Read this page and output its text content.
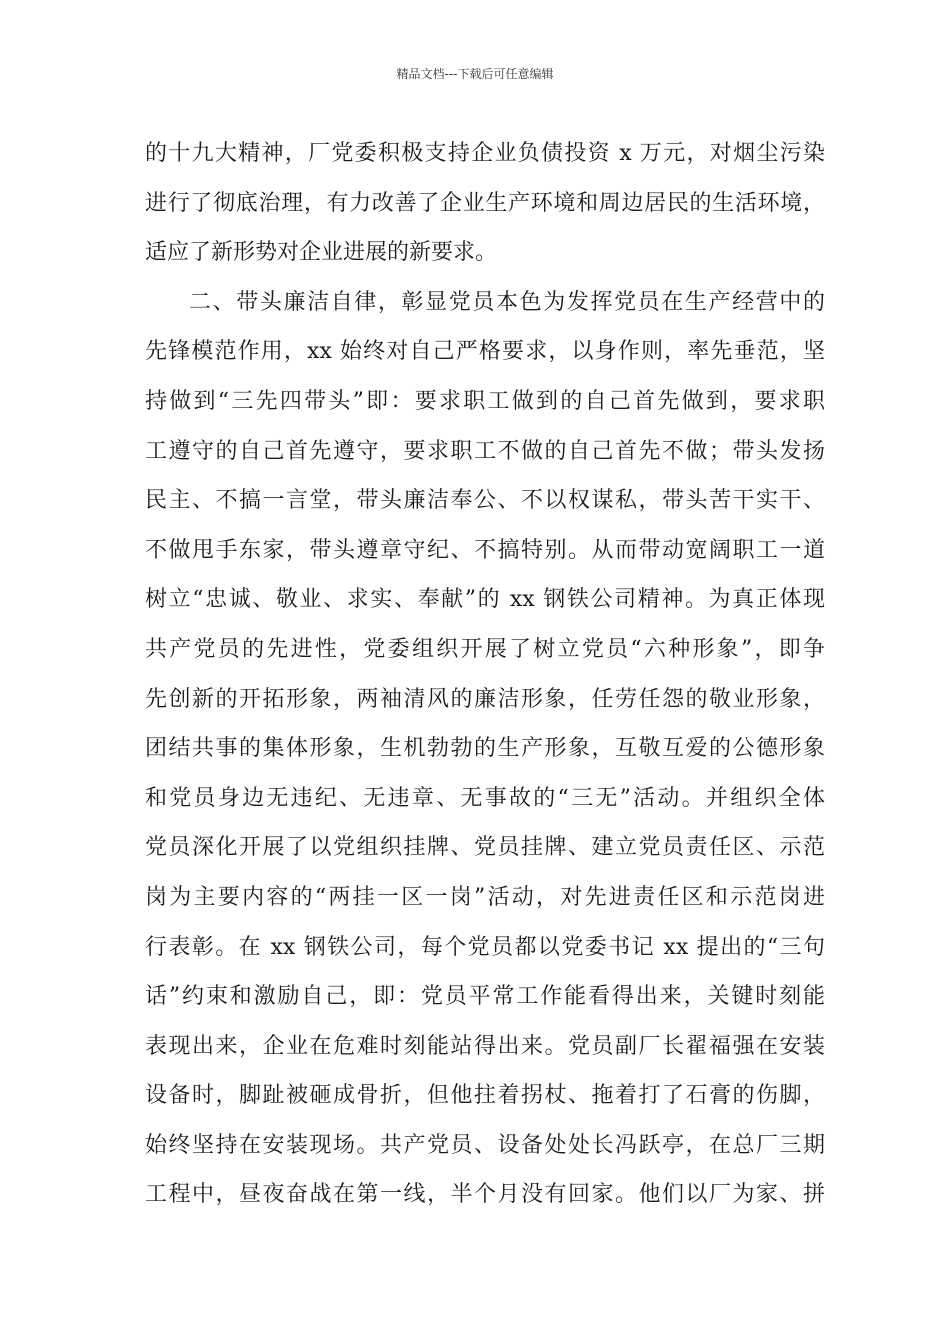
精品文档---下载后可任意编辑
的十九大精神，厂党委积极支持企业负债投资 x 万元，对烟尘污染
进行了彻底治理，有力改善了企业生产环境和周边居民的生活环境，
适应了新形势对企业进展的新要求。
二、带头廉洁自律，彰显党员本色为发挥党员在生产经营中的
先锋模范作用，xx 始终对自己严格要求，以身作则，率先垂范，坚
持做到“三先四带头”即：要求职工做到的自己首先做到，要求职
工遵守的自己首先遵守，要求职工不做的自己首先不做；带头发扬
民主、不搞一言堂，带头廉洁奉公、不以权谋私，带头苦干实干、
不做甩手东家，带头遵章守纪、不搞特别。从而带动宽阔职工一道
树立“忠诚、敬业、求实、奉献”的 xx 钢铁公司精神。为真正体现
共产党员的先进性，党委组织开展了树立党员“六种形象”，即争
先创新的开拓形象，两袖清风的廉洁形象，任劳任怨的敬业形象，
团结共事的集体形象，生机勃勃的生产形象，互敬互爱的公德形象
和党员身边无违纪、无违章、无事故的“三无”活动。并组织全体
党员深化开展了以党组织挂牌、党员挂牌、建立党员责任区、示范
岗为主要内容的“两挂一区一岗”活动，对先进责任区和示范岗进
行表彰。在 xx 钢铁公司，每个党员都以党委书记 xx 提出的“三句
话”约束和激励自己，即：党员平常工作能看得出来，关键时刻能
表现出来，企业在危难时刻能站得出来。党员副厂长翟福强在安装
设备时，脚趾被砸成骨折，但他拄着拐杖、拖着打了石膏的伤脚，
始终坚持在安装现场。共产党员、设备处处长冯跃亭，在总厂三期
工程中，昼夜奋战在第一线，半个月没有回家。他们以厂为家、拼
